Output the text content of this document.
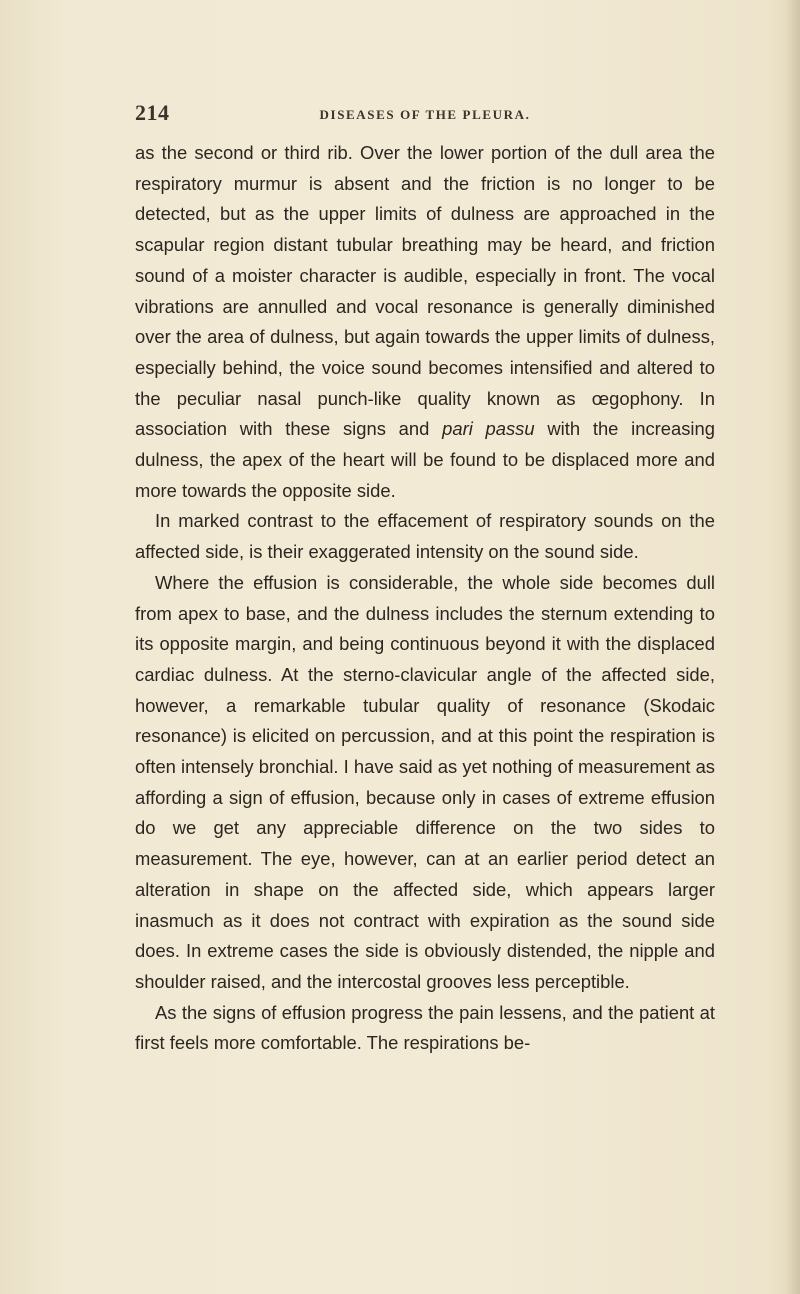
214	DISEASES OF THE PLEURA.

as the second or third rib. Over the lower portion of the dull area the respiratory murmur is absent and the friction is no longer to be detected, but as the upper limits of dulness are approached in the scapular region distant tubular breathing may be heard, and friction sound of a moister character is audible, especially in front. The vocal vibrations are annulled and vocal resonance is generally diminished over the area of dulness, but again towards the upper limits of dulness, especially behind, the voice sound becomes intensified and altered to the peculiar nasal punch-like quality known as œgophony. In association with these signs and pari passu with the increasing dulness, the apex of the heart will be found to be displaced more and more towards the opposite side.

In marked contrast to the effacement of respiratory sounds on the affected side, is their exaggerated intensity on the sound side.

Where the effusion is considerable, the whole side becomes dull from apex to base, and the dulness includes the sternum extending to its opposite margin, and being continuous beyond it with the displaced cardiac dulness. At the sterno-clavicular angle of the affected side, however, a remarkable tubular quality of resonance (Skodaic resonance) is elicited on percussion, and at this point the respiration is often intensely bronchial. I have said as yet nothing of measurement as affording a sign of effusion, because only in cases of extreme effusion do we get any appreciable difference on the two sides to measurement. The eye, however, can at an earlier period detect an alteration in shape on the affected side, which appears larger inasmuch as it does not contract with expiration as the sound side does. In extreme cases the side is obviously distended, the nipple and shoulder raised, and the intercostal grooves less perceptible.

As the signs of effusion progress the pain lessens, and the patient at first feels more comfortable. The respirations be-
